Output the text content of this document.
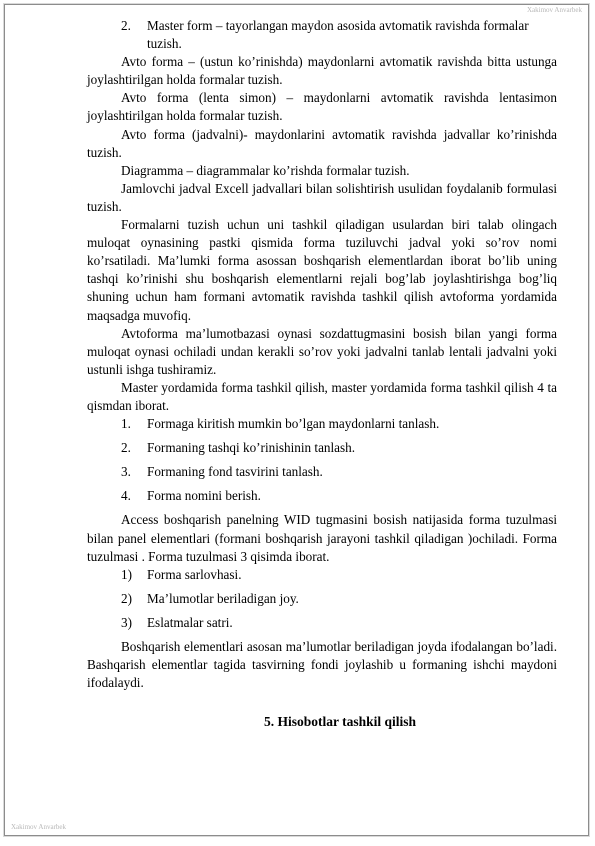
Xakimov Anvarbek

2. Master form – tayorlangan maydon asosida avtomatik ravishda formalar tuzish.

Avto forma – (ustun ko’rinishda) maydonlarni avtomatik ravishda bitta ustunga joylashtirilgan holda formalar tuzish.

Avto forma (lenta simon) – maydonlarni avtomatik ravishda lentasimon joylashtirilgan holda formalar tuzish.

Avto forma (jadvalni)- maydonlarini avtomatik ravishda jadvallar ko’rinishda tuzish.

Diagramma – diagrammalar ko’rishda formalar tuzish.

Jamlovchi jadval Excell jadvallari bilan solishtirish usulidan foydalanib formulasi tuzish.

Formalarni tuzish uchun uni tashkil qiladigan usulardan biri talab olingach muloqat oynasining pastki qismida forma tuziluvchi jadval yoki so’rov nomi ko’rsatiladi. Ma’lumki forma asossan boshqarish elementlardan iborat bo’lib uning tashqi ko’rinishi shu boshqarish elementlarni rejali bog’lab joylashtirishga bog’liq shuning uchun ham formani avtomatik ravishda tashkil qilish avtoforma yordamida maqsadga muvofiq.

Avtoforma ma’lumotbazasi oynasi sozdattugmasini bosish bilan yangi forma muloqat oynasi ochiladi undan kerakli so’rov yoki jadvalni tanlab lentali jadvalni yoki ustunli ishga tushiramiz.

Master yordamida forma tashkil qilish, master yordamida forma tashkil qilish 4 ta qismdan iborat.

1. Formaga kiritish mumkin bo’lgan maydonlarni tanlash.

2. Formaning tashqi ko’rinishinin tanlash.

3. Formaning fond tasvirini tanlash.

4. Forma nomini berish.

Access boshqarish panelning WID tugmasini bosish natijasida forma tuzulmasi bilan panel elementlari (formani boshqarish jarayoni tashkil qiladigan )ochiladi. Forma tuzulmasi . Forma tuzulmasi 3 qisimda iborat.

1) Forma sarlovhasi.

2) Ma’lumotlar beriladigan joy.

3) Eslatmalar satri.

Boshqarish elementlari asosan ma’lumotlar beriladigan joyda ifodalangan bo’ladi. Bashqarish elementlar tagida tasvirning fondi joylashib u formaning ishchi maydoni ifodalaydi.

5. Hisobotlar tashkil qilish
Xakimov Anvarbek
